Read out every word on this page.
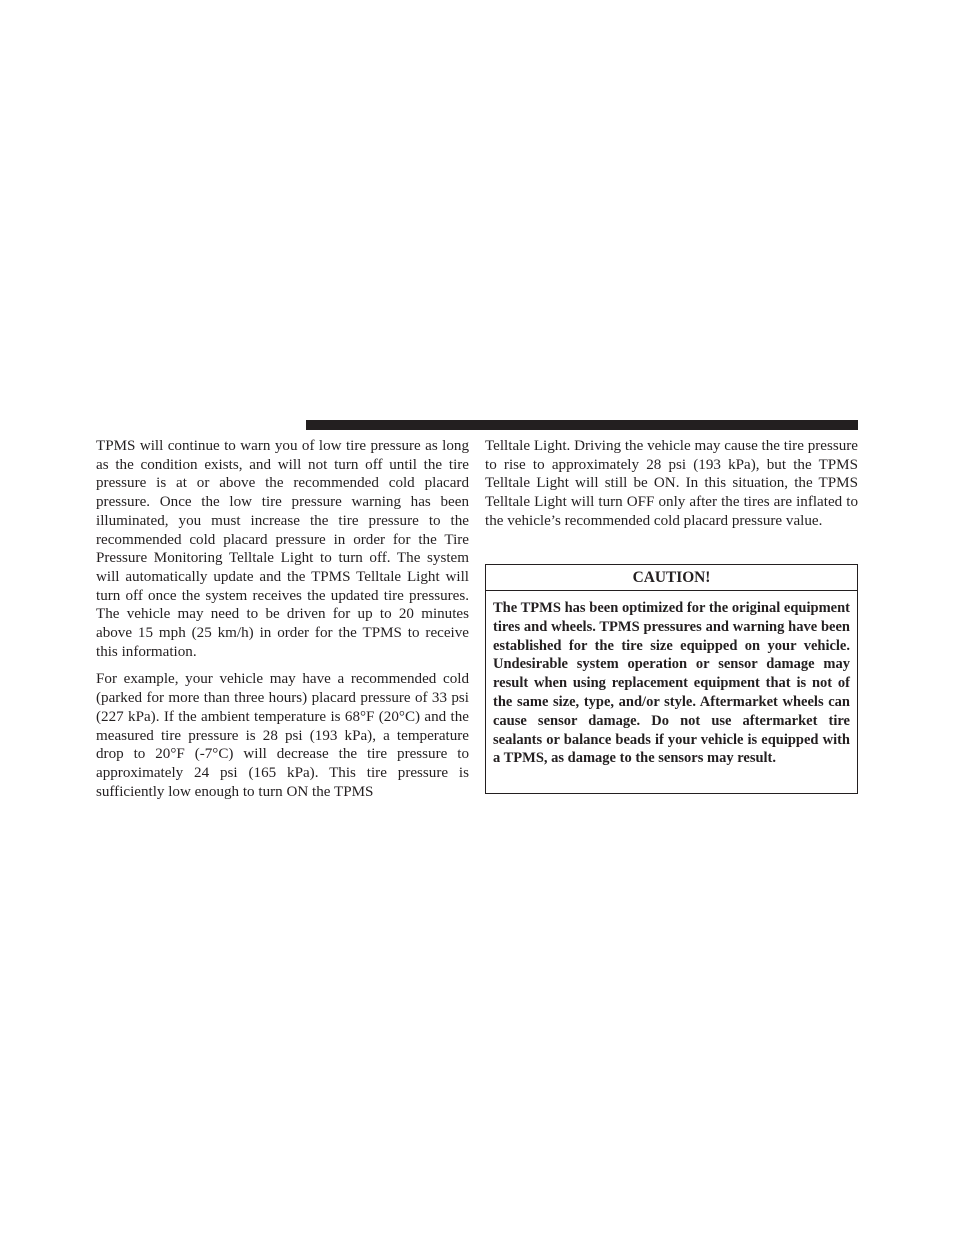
TPMS will continue to warn you of low tire pressure as long as the condition exists, and will not turn off until the tire pressure is at or above the recommended cold placard pressure. Once the low tire pressure warning has been illuminated, you must increase the tire pressure to the recommended cold placard pressure in order for the Tire Pressure Monitoring Telltale Light to turn off. The system will automatically update and the TPMS Telltale Light will turn off once the system receives the updated tire pressures. The vehicle may need to be driven for up to 20 minutes above 15 mph (25 km/h) in order for the TPMS to receive this information.

For example, your vehicle may have a recommended cold (parked for more than three hours) placard pressure of 33 psi (227 kPa). If the ambient temperature is 68°F (20°C) and the measured tire pressure is 28 psi (193 kPa), a temperature drop to 20°F (-7°C) will decrease the tire pressure to approximately 24 psi (165 kPa). This tire pressure is sufficiently low enough to turn ON the TPMS

Telltale Light. Driving the vehicle may cause the tire pressure to rise to approximately 28 psi (193 kPa), but the TPMS Telltale Light will still be ON. In this situation, the TPMS Telltale Light will turn OFF only after the tires are inflated to the vehicle’s recommended cold placard pressure value.

CAUTION!
The TPMS has been optimized for the original equipment tires and wheels. TPMS pressures and warning have been established for the tire size equipped on your vehicle. Undesirable system operation or sensor damage may result when using replacement equipment that is not of the same size, type, and/or style. Aftermarket wheels can cause sensor damage. Do not use aftermarket tire sealants or balance beads if your vehicle is equipped with a TPMS, as damage to the sensors may result.
